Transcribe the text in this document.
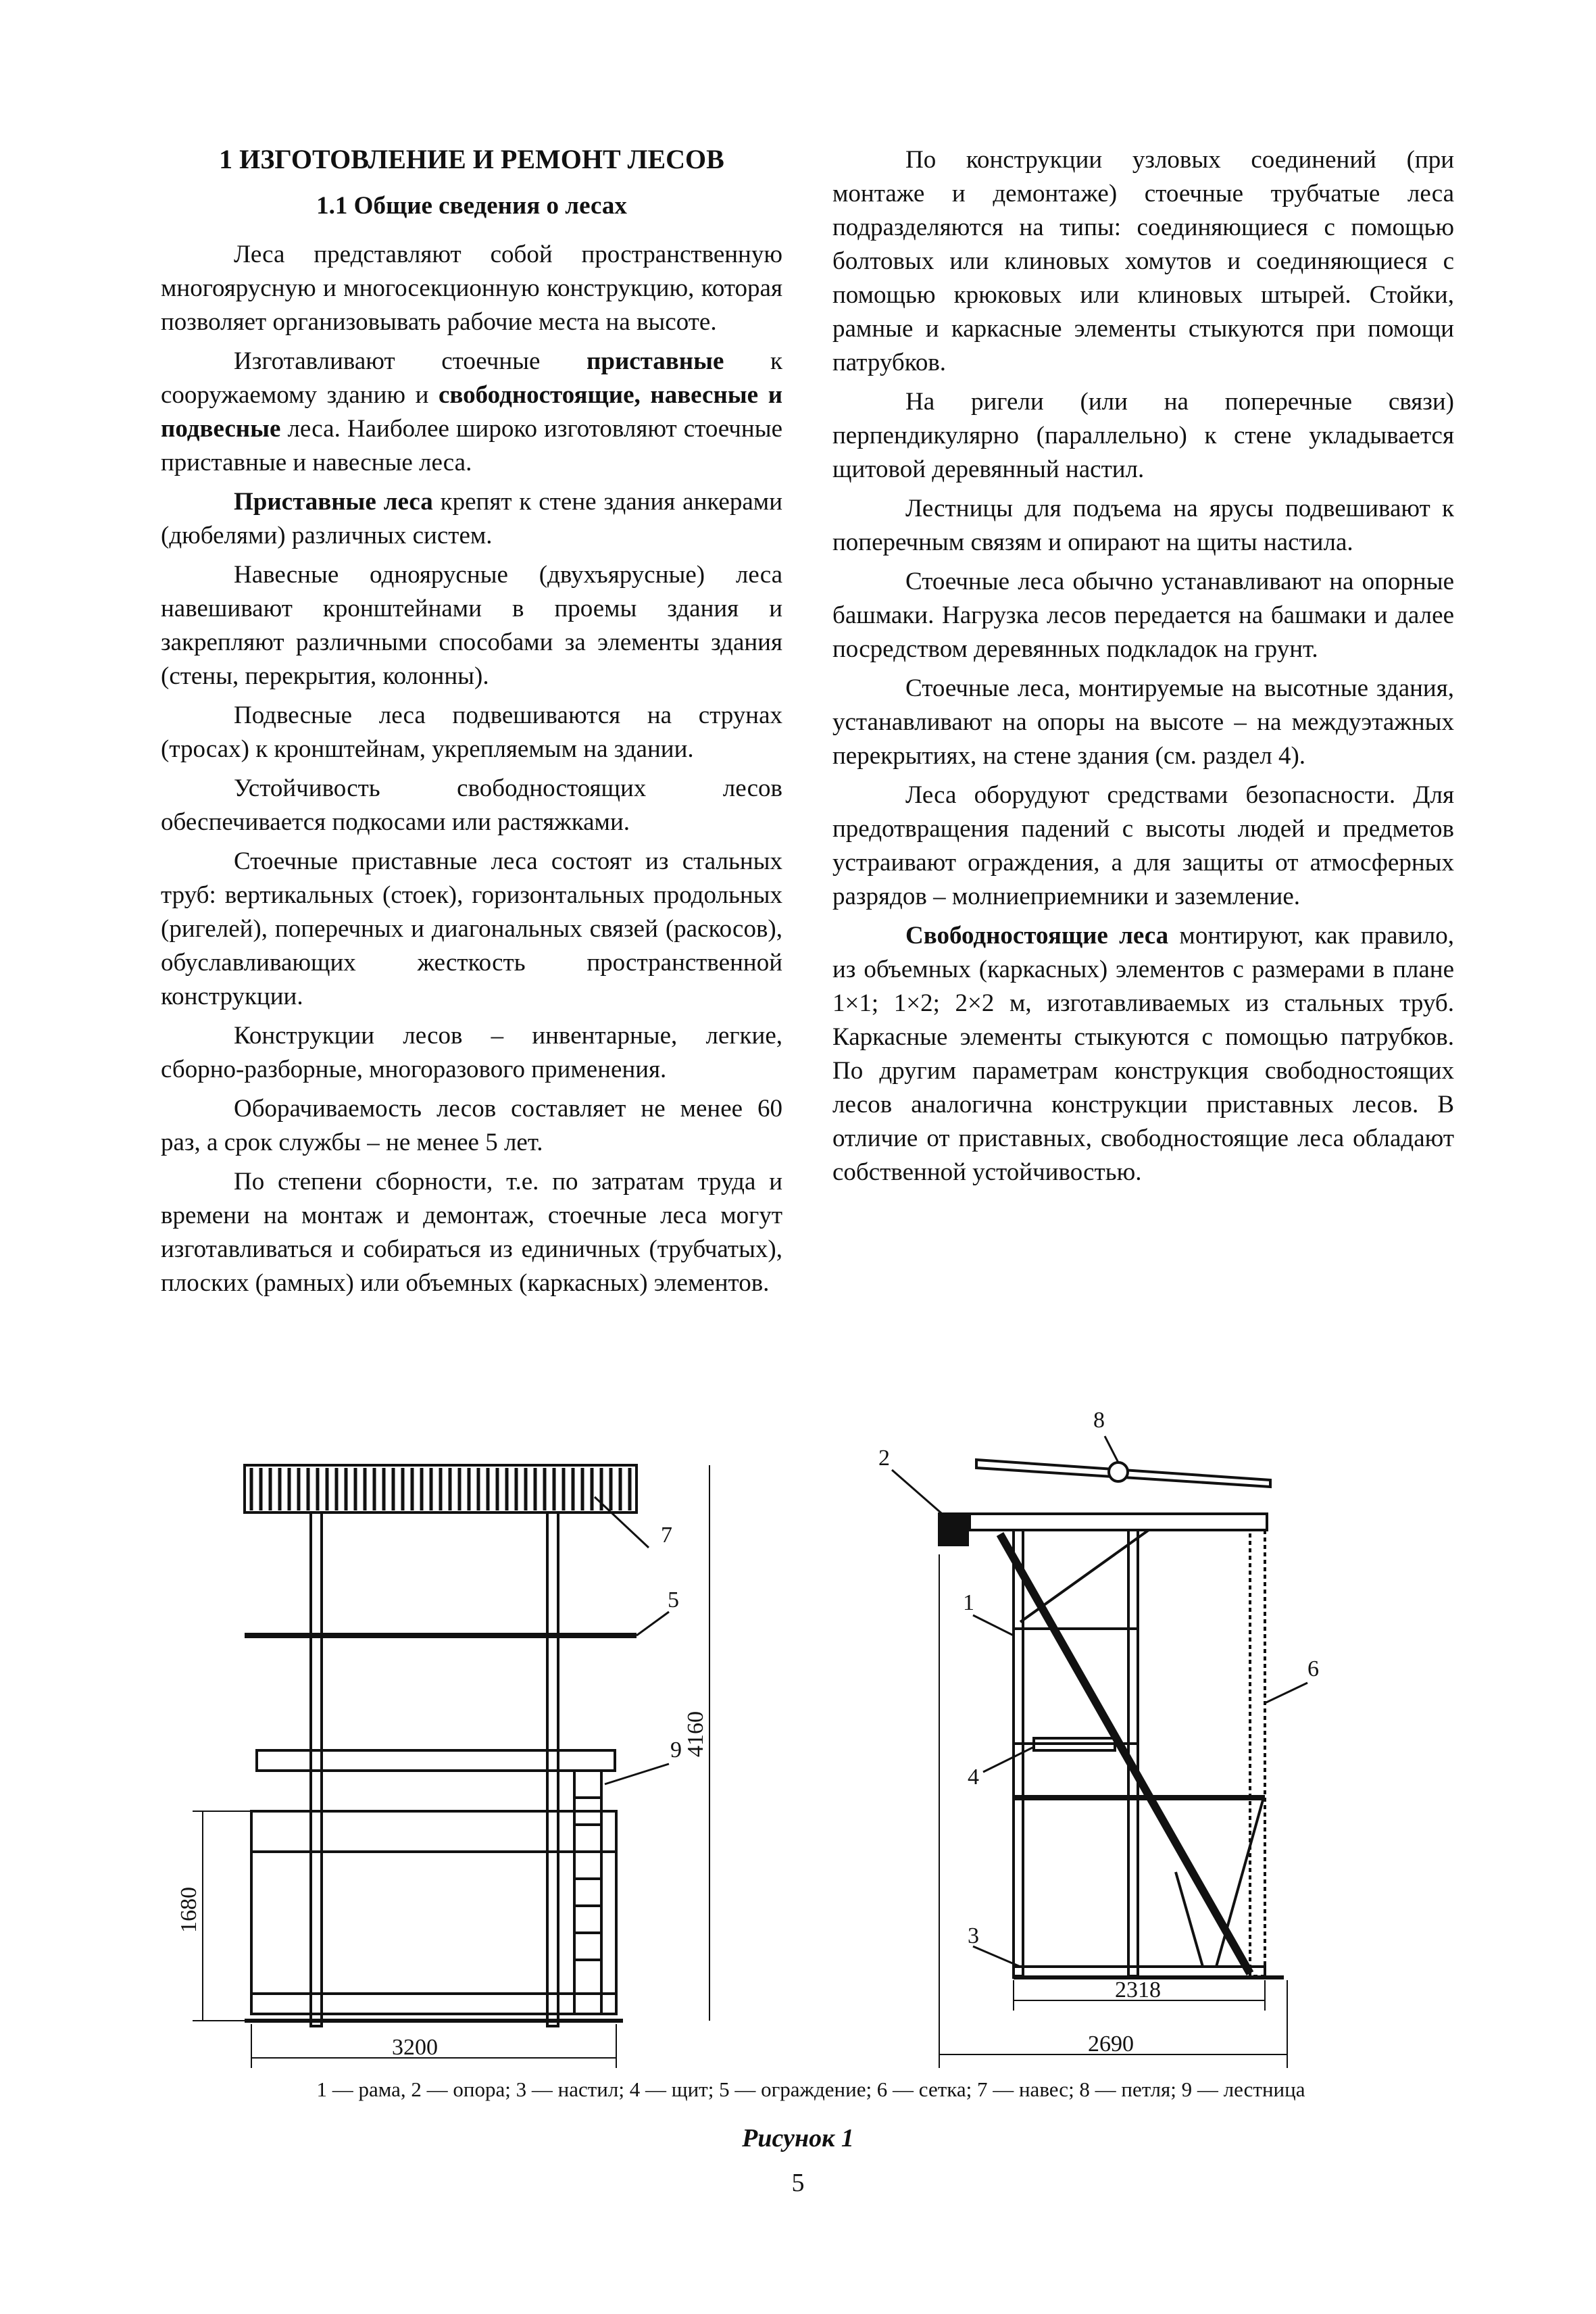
1 ИЗГОТОВЛЕНИЕ И РЕМОНТ ЛЕСОВ
1.1 Общие сведения о лесах

Леса представляют собой пространственную многоярусную и многосекционную конструкцию, которая позволяет организовывать рабочие места на высоте.

Изготавливают стоечные приставные к сооружаемому зданию и свободностоящие, навесные и подвесные леса. Наиболее широко изготовляют стоечные приставные и навесные леса.

Приставные леса крепят к стене здания анкерами (дюбелями) различных систем.

Навесные одноярусные (двухъярусные) леса навешивают кронштейнами в проемы здания и закрепляют различными способами за элементы здания (стены, перекрытия, колонны).

Подвесные леса подвешиваются на струнах (тросах) к кронштейнам, укрепляемым на здании.

Устойчивость свободностоящих лесов обеспечивается подкосами или растяжками.

Стоечные приставные леса состоят из стальных труб: вертикальных (стоек), горизонтальных продольных (ригелей), поперечных и диагональных связей (раскосов), обуславливающих жесткость пространственной конструкции.

Конструкции лесов – инвентарные, легкие, сборно-разборные, многоразового применения.

Оборачиваемость лесов составляет не менее 60 раз, а срок службы – не менее 5 лет.

По степени сборности, т.е. по затратам труда и времени на монтаж и демонтаж, стоечные леса могут изготавливаться и собираться из единичных (трубчатых), плоских (рамных) или объемных (каркасных) элементов.

По конструкции узловых соединений (при монтаже и демонтаже) стоечные трубчатые леса подразделяются на типы: соединяющиеся с помощью болтовых или клиновых хомутов и соединяющиеся с помощью крюковых или клиновых штырей. Стойки, рамные и каркасные элементы стыкуются при помощи патрубков.

На ригели (или на поперечные связи) перпендикулярно (параллельно) к стене укладывается щитовой деревянный настил.

Лестницы для подъема на ярусы подвешивают к поперечным связям и опирают на щиты настила.

Стоечные леса обычно устанавливают на опорные башмаки. Нагрузка лесов передается на башмаки и далее посредством деревянных подкладок на грунт.

Стоечные леса, монтируемые на высотные здания, устанавливают на опоры на высоте – на междуэтажных перекрытиях, на стене здания (см. раздел 4).

Леса оборудуют средствами безопасности. Для предотвращения падений с высоты людей и предметов устраивают ограждения, а для защиты от атмосферных разрядов – молниеприемники и заземление.

Свободностоящие леса монтируют, как правило, из объемных (каркасных) элементов с размерами в плане 1×1; 1×2; 2×2 м, изготавливаемых из стальных труб. Каркасные элементы стыкуются с помощью патрубков. По другим параметрам конструкция свободностоящих лесов аналогична конструкции приставных лесов. В отличие от приставных, свободностоящие леса обладают собственной устойчивостью.

7
5
9 4160
1680
3200
8
2
1
6
4
3
2318
2690
1 — рама, 2 — опора; 3 — настил; 4 — щит; 5 — ограждение; 6 — сетка; 7 — навес; 8 — петля; 9 — лестница
Рисунок 1
5
